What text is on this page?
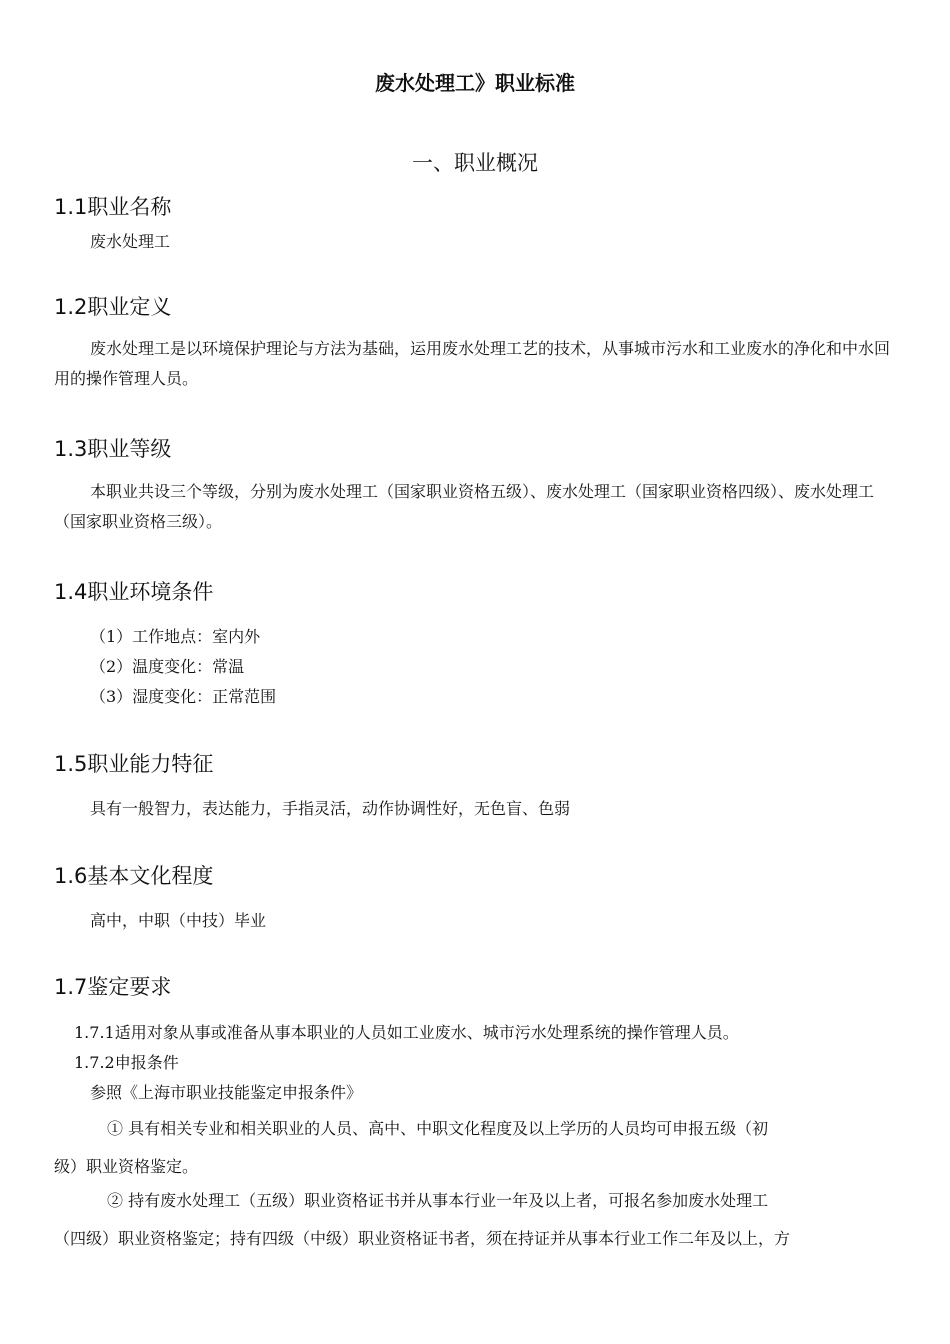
废水处理工》职业标准
一、职业概况
1.1职业名称
废水处理工
1.2职业定义
废水处理工是以环境保护理论与方法为基础，运用废水处理工艺的技术，从事城市污水和工业废水的净化和中水回用的操作管理人员。
1.3职业等级
本职业共设三个等级，分别为废水处理工（国家职业资格五级）、废水处理工（国家职业资格四级）、废水处理工（国家职业资格三级）。
1.4职业环境条件
（1）工作地点：室内外
（2）温度变化：常温
（3）湿度变化：正常范围
1.5职业能力特征
具有一般智力，表达能力，手指灵活，动作协调性好，无色盲、色弱
1.6基本文化程度
高中，中职（中技）毕业
1.7鉴定要求
1.7.1适用对象从事或准备从事本职业的人员如工业废水、城市污水处理系统的操作管理人员。
1.7.2申报条件
参照《上海市职业技能鉴定申报条件》
① 具有相关专业和相关职业的人员、高中、中职文化程度及以上学历的人员均可申报五级（初
级）职业资格鉴定。
② 持有废水处理工（五级）职业资格证书并从事本行业一年及以上者，可报名参加废水处理工
（四级）职业资格鉴定；持有四级（中级）职业资格证书者，须在持证并从事本行业工作二年及以上，方
